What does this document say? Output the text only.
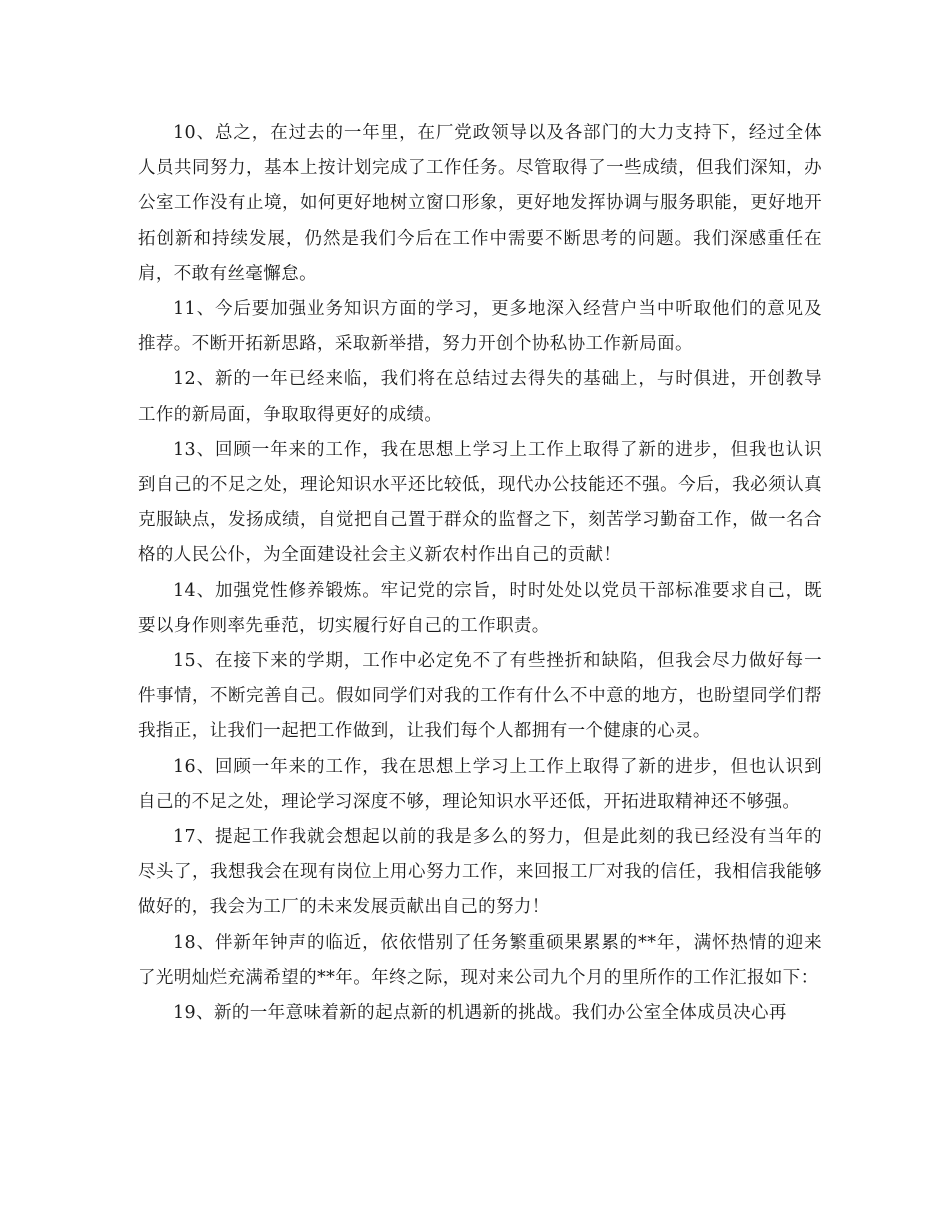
10、总之，在过去的一年里，在厂党政领导以及各部门的大力支持下，经过全体人员共同努力，基本上按计划完成了工作任务。尽管取得了一些成绩，但我们深知，办公室工作没有止境，如何更好地树立窗口形象，更好地发挥协调与服务职能，更好地开拓创新和持续发展，仍然是我们今后在工作中需要不断思考的问题。我们深感重任在肩，不敢有丝毫懈怠。

11、今后要加强业务知识方面的学习，更多地深入经营户当中听取他们的意见及推荐。不断开拓新思路，采取新举措，努力开创个协私协工作新局面。

12、新的一年已经来临，我们将在总结过去得失的基础上，与时俱进，开创教导工作的新局面，争取取得更好的成绩。

13、回顾一年来的工作，我在思想上学习上工作上取得了新的进步，但我也认识到自己的不足之处，理论知识水平还比较低，现代办公技能还不强。今后，我必须认真克服缺点，发扬成绩，自觉把自己置于群众的监督之下，刻苦学习勤奋工作，做一名合格的人民公仆，为全面建设社会主义新农村作出自己的贡献！

14、加强党性修养锻炼。牢记党的宗旨，时时处处以党员干部标准要求自己，既要以身作则率先垂范，切实履行好自己的工作职责。

15、在接下来的学期，工作中必定免不了有些挫折和缺陷，但我会尽力做好每一件事情，不断完善自己。假如同学们对我的工作有什么不中意的地方，也盼望同学们帮我指正，让我们一起把工作做到，让我们每个人都拥有一个健康的心灵。

16、回顾一年来的工作，我在思想上学习上工作上取得了新的进步，但也认识到自己的不足之处，理论学习深度不够，理论知识水平还低，开拓进取精神还不够强。

17、提起工作我就会想起以前的我是多么的努力，但是此刻的我已经没有当年的尽头了，我想我会在现有岗位上用心努力工作，来回报工厂对我的信任，我相信我能够做好的，我会为工厂的未来发展贡献出自己的努力！

18、伴新年钟声的临近，依依惜别了任务繁重硕果累累的**年，满怀热情的迎来了光明灿烂充满希望的**年。年终之际，现对来公司九个月的里所作的工作汇报如下：

19、新的一年意味着新的起点新的机遇新的挑战。我们办公室全体成员决心再
